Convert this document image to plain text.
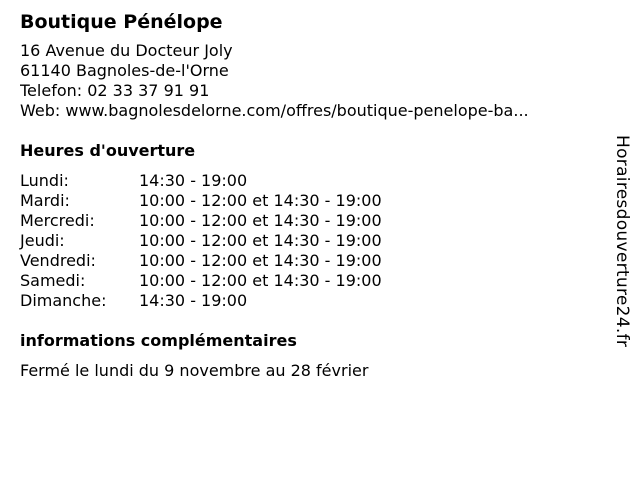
Boutique Pénélope
16 Avenue du Docteur Joly
61140 Bagnoles-de-l'Orne
Telefon: 02 33 37 91 91
Web: www.bagnolesdelorne.com/offres/boutique-penelope-ba...
Heures d'ouverture
Lundi:	14:30 - 19:00
Mardi:	10:00 - 12:00 et 14:30 - 19:00
Mercredi:	10:00 - 12:00 et 14:30 - 19:00
Jeudi:	10:00 - 12:00 et 14:30 - 19:00
Vendredi:	10:00 - 12:00 et 14:30 - 19:00
Samedi:	10:00 - 12:00 et 14:30 - 19:00
Dimanche:	14:30 - 19:00
informations complémentaires
Fermé le lundi du 9 novembre au 28 février
Horairesdouverture24.fr
